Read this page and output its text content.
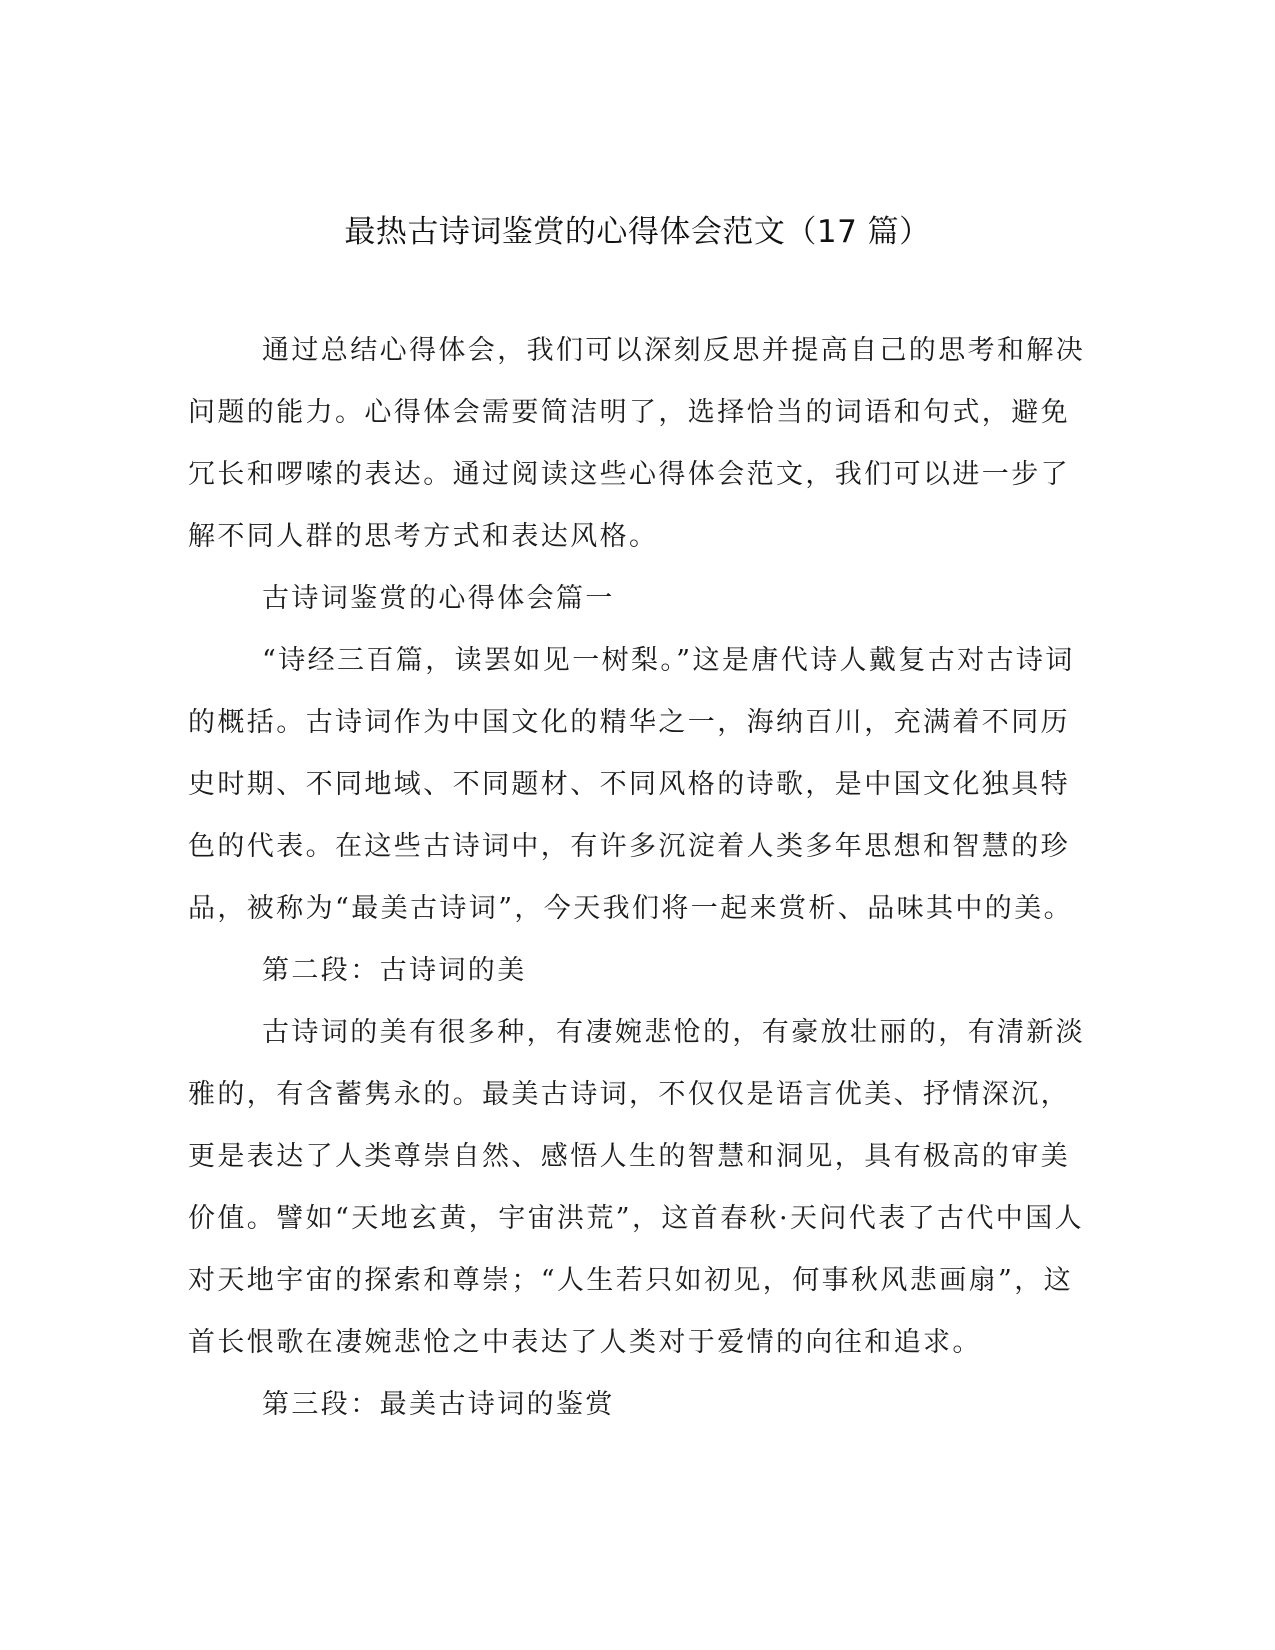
最热古诗词鉴赏的心得体会范文（17 篇）
通过总结心得体会，我们可以深刻反思并提高自己的思考和解决
问题的能力。心得体会需要简洁明了，选择恰当的词语和句式，避免
冗长和啰嗦的表达。通过阅读这些心得体会范文，我们可以进一步了
解不同人群的思考方式和表达风格。
古诗词鉴赏的心得体会篇一
“诗经三百篇，读罢如见一树梨。”这是唐代诗人戴复古对古诗词
的概括。古诗词作为中国文化的精华之一，海纳百川，充满着不同历
史时期、不同地域、不同题材、不同风格的诗歌，是中国文化独具特
色的代表。在这些古诗词中，有许多沉淀着人类多年思想和智慧的珍
品，被称为“最美古诗词”，今天我们将一起来赏析、品味其中的美。
第二段：古诗词的美
古诗词的美有很多种，有凄婉悲怆的，有豪放壮丽的，有清新淡
雅的，有含蓄隽永的。最美古诗词，不仅仅是语言优美、抒情深沉，
更是表达了人类尊崇自然、感悟人生的智慧和洞见，具有极高的审美
价值。譬如“天地玄黄，宇宙洪荒”，这首春秋·天问代表了古代中国人
对天地宇宙的探索和尊崇；“人生若只如初见，何事秋风悲画扇”，这
首长恨歌在凄婉悲怆之中表达了人类对于爱情的向往和追求。
第三段：最美古诗词的鉴赏
